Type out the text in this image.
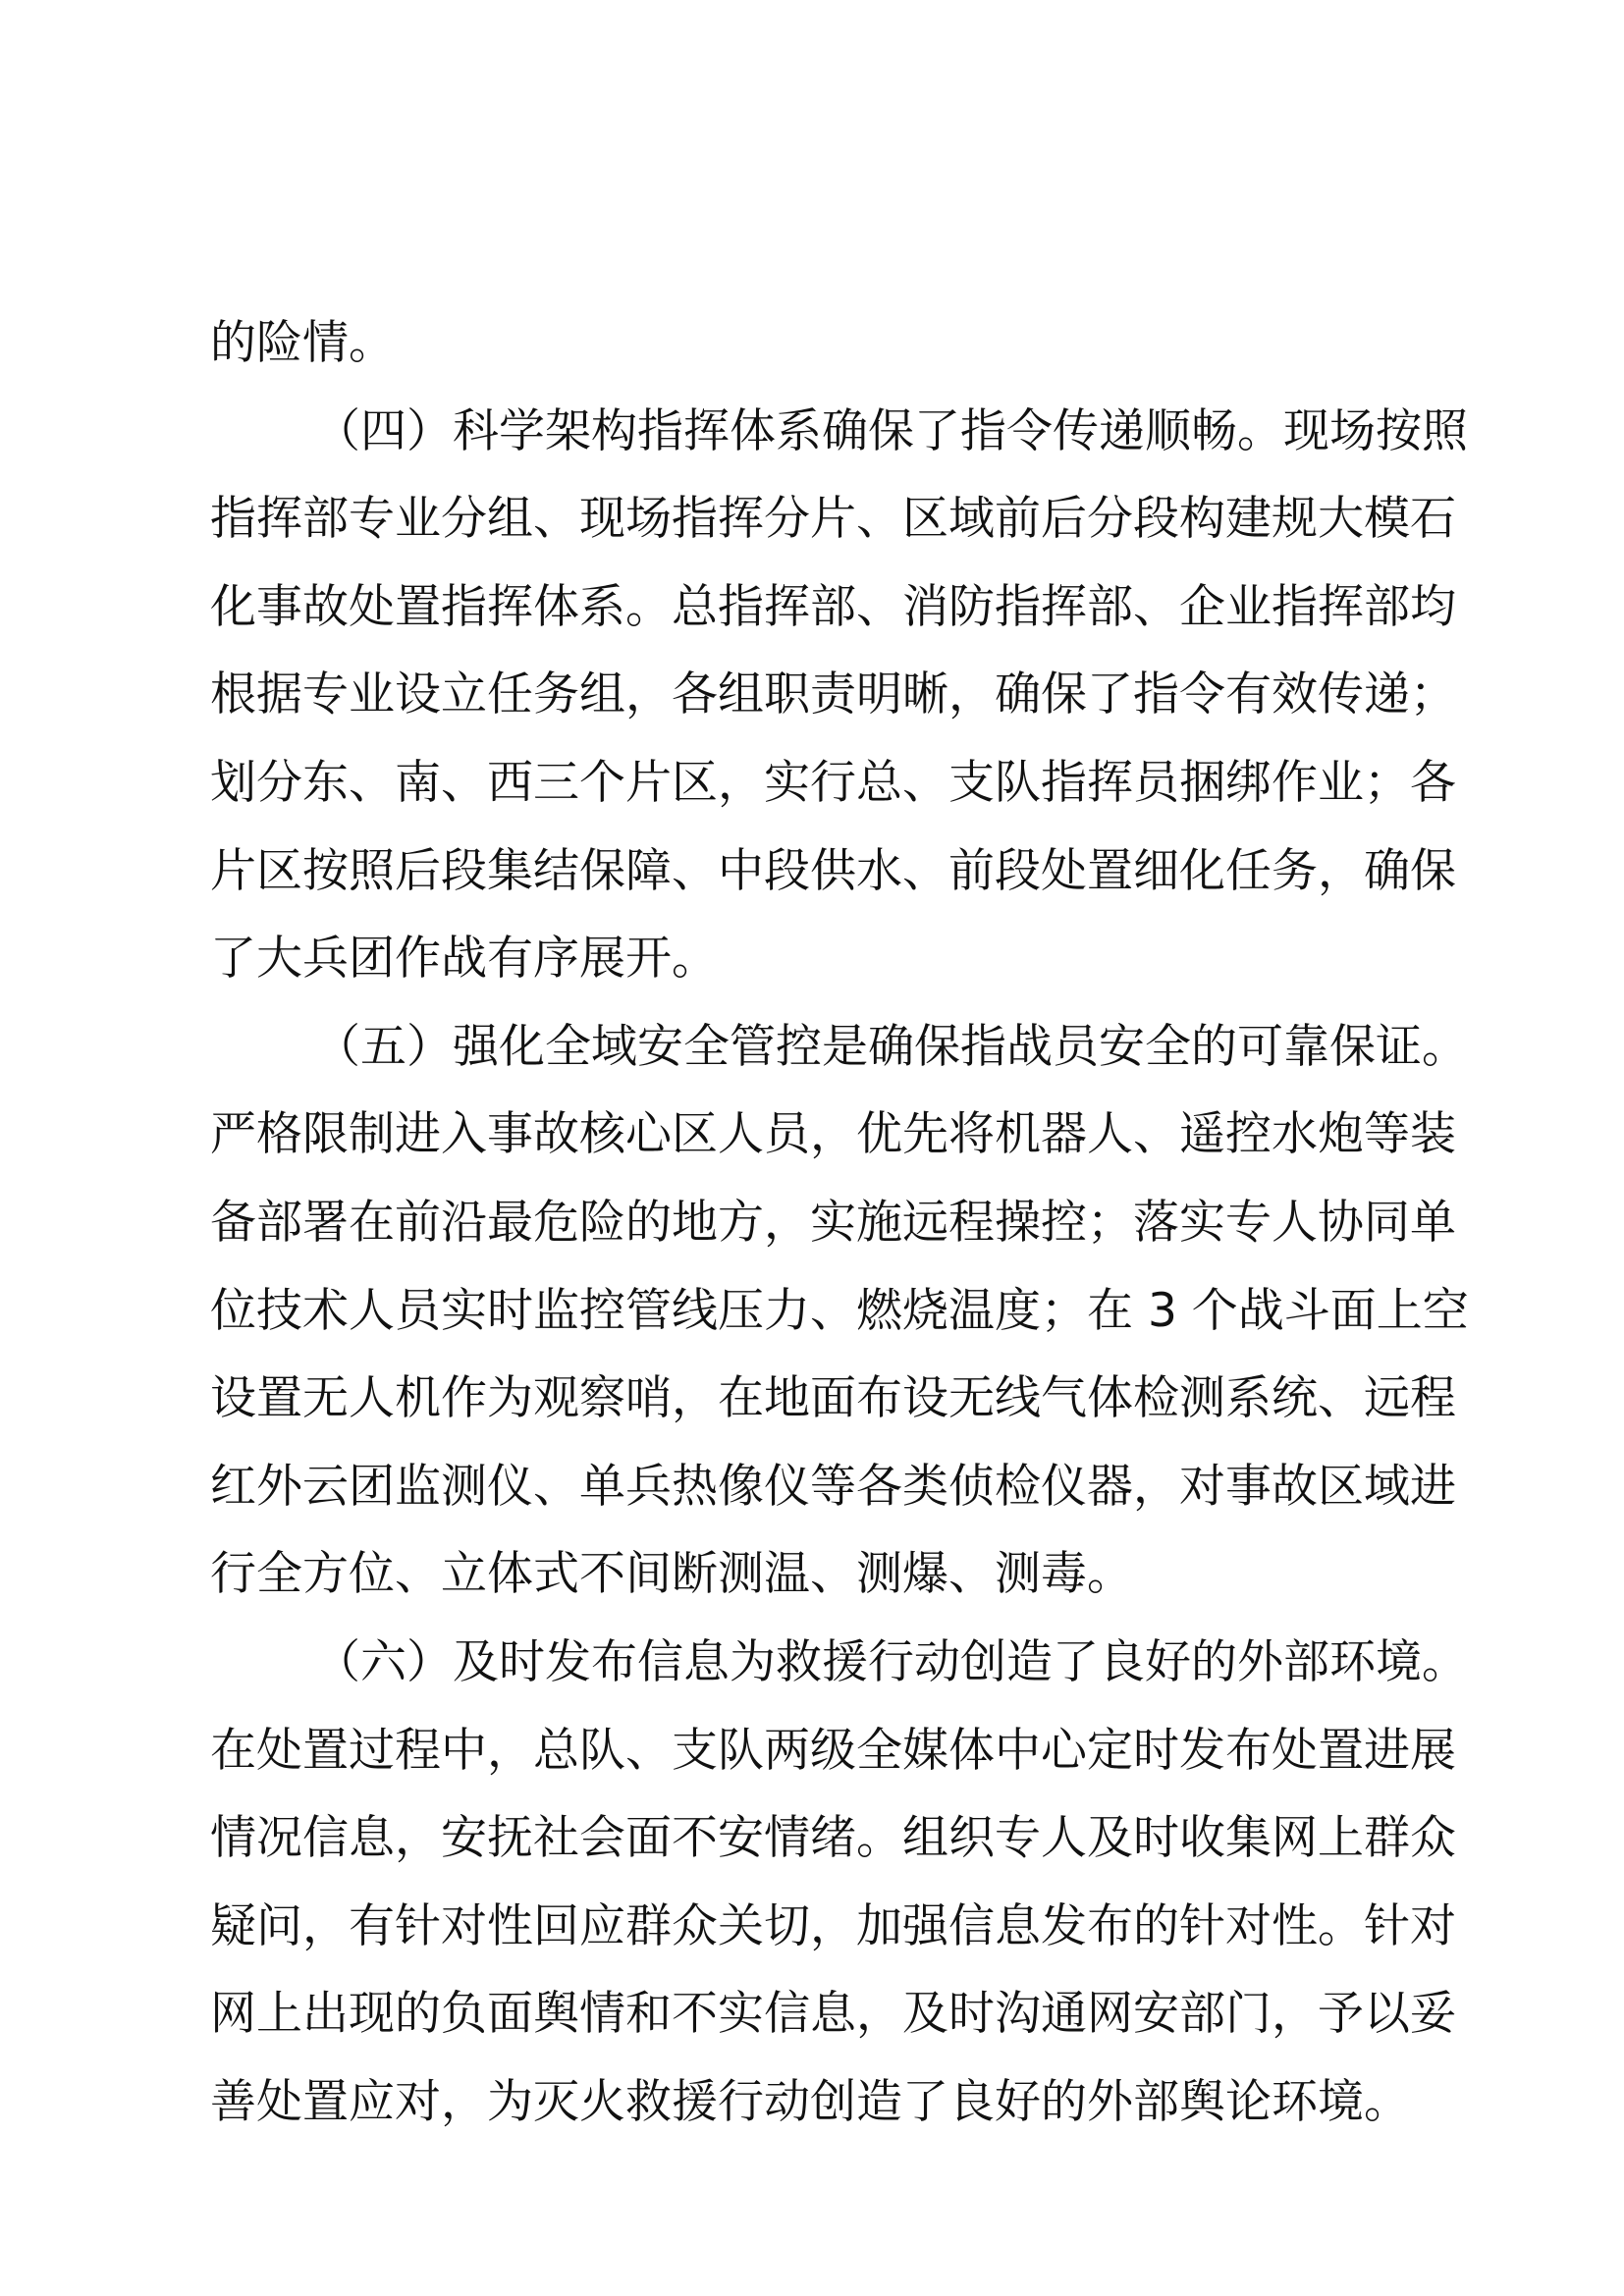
的险情。
（四）科学架构指挥体系确保了指令传递顺畅。现场按照
指挥部专业分组、现场指挥分片、区域前后分段构建规大模石
化事故处置指挥体系。总指挥部、消防指挥部、企业指挥部均
根据专业设立任务组，各组职责明晰，确保了指令有效传递；
划分东、南、西三个片区，实行总、支队指挥员捆绑作业；各
片区按照后段集结保障、中段供水、前段处置细化任务，确保
了大兵团作战有序展开。
（五）强化全域安全管控是确保指战员安全的可靠保证。
严格限制进入事故核心区人员，优先将机器人、遥控水炮等装
备部署在前沿最危险的地方，实施远程操控；落实专人协同单
位技术人员实时监控管线压力、燃烧温度；在 3 个战斗面上空
设置无人机作为观察哨，在地面布设无线气体检测系统、远程
红外云团监测仪、单兵热像仪等各类侦检仪器，对事故区域进
行全方位、立体式不间断测温、测爆、测毒。
（六）及时发布信息为救援行动创造了良好的外部环境。
在处置过程中，总队、支队两级全媒体中心定时发布处置进展
情况信息，安抚社会面不安情绪。组织专人及时收集网上群众
疑问，有针对性回应群众关切，加强信息发布的针对性。针对
网上出现的负面舆情和不实信息，及时沟通网安部门，予以妥
善处置应对，为灭火救援行动创造了良好的外部舆论环境。
